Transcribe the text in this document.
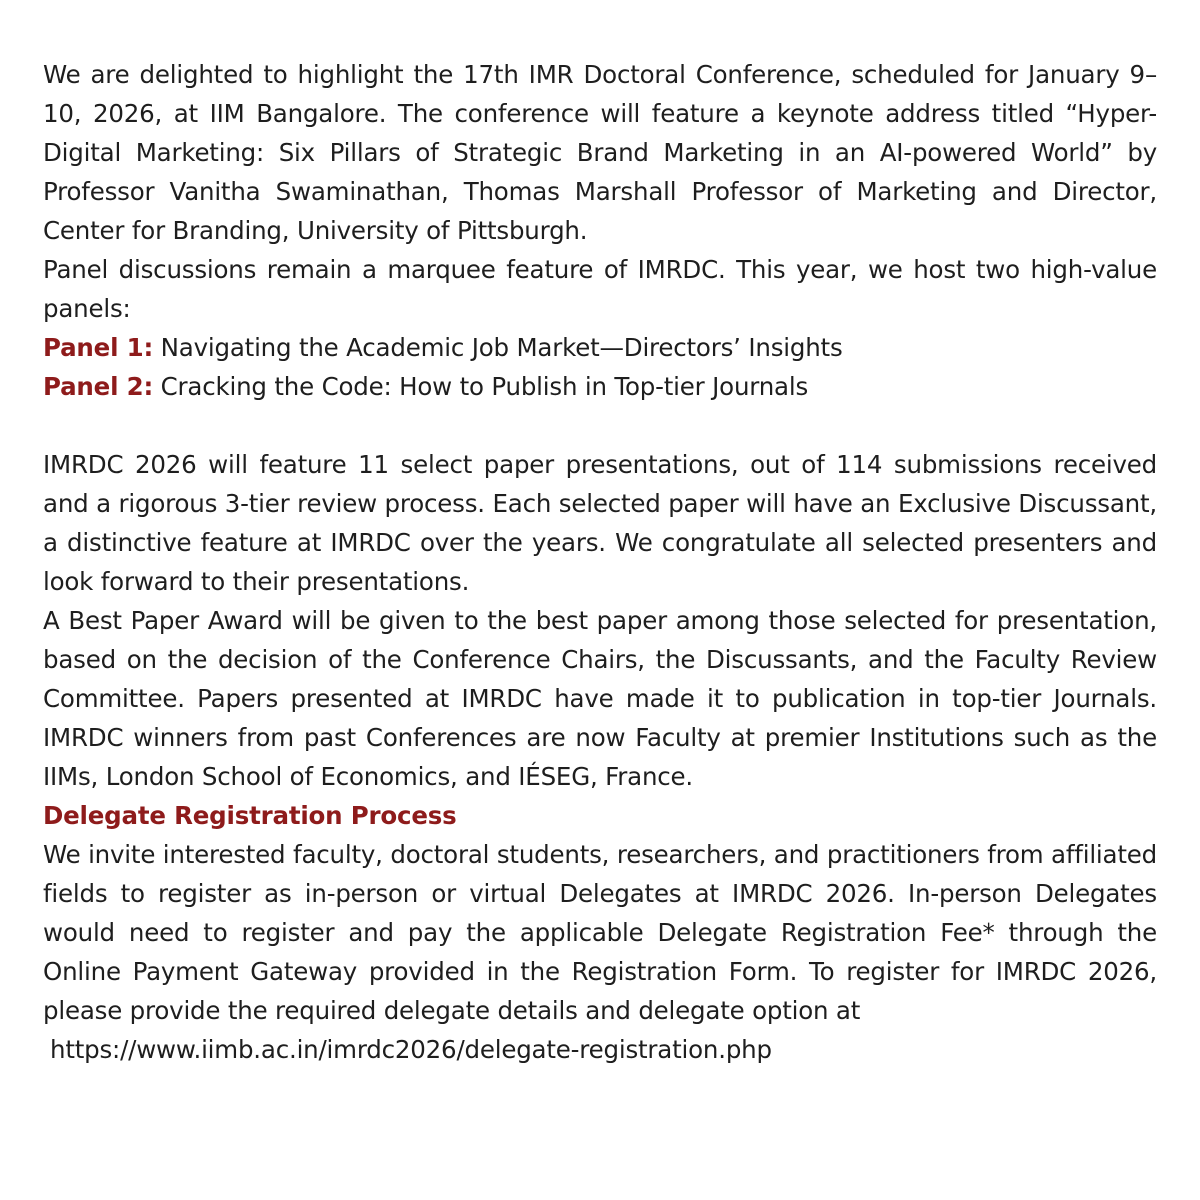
We are delighted to highlight the 17th IMR Doctoral Conference, scheduled for January 9–10, 2026, at IIM Bangalore. The conference will feature a keynote address titled “Hyper-Digital Marketing: Six Pillars of Strategic Brand Marketing in an AI-powered World” by Professor Vanitha Swaminathan, Thomas Marshall Professor of Marketing and Director, Center for Branding, University of Pittsburgh.

Panel discussions remain a marquee feature of IMRDC. This year, we host two high-value panels:

Panel 1: Navigating the Academic Job Market—Directors’ Insights

Panel 2: Cracking the Code: How to Publish in Top-tier Journals

IMRDC 2026 will feature 11 select paper presentations, out of 114 submissions received and a rigorous 3-tier review process. Each selected paper will have an Exclusive Discussant, a distinctive feature at IMRDC over the years. We congratulate all selected presenters and look forward to their presentations.

A Best Paper Award will be given to the best paper among those selected for presentation, based on the decision of the Conference Chairs, the Discussants, and the Faculty Review Committee. Papers presented at IMRDC have made it to publication in top-tier Journals. IMRDC winners from past Conferences are now Faculty at premier Institutions such as the IIMs, London School of Economics, and IÉSEG, France.

Delegate Registration Process

We invite interested faculty, doctoral students, researchers, and practitioners from affiliated fields to register as in-person or virtual Delegates at IMRDC 2026. In-person Delegates would need to register and pay the applicable Delegate Registration Fee* through the Online Payment Gateway provided in the Registration Form. To register for IMRDC 2026, please provide the required delegate details and delegate option at

https://www.iimb.ac.in/imrdc2026/delegate-registration.php
